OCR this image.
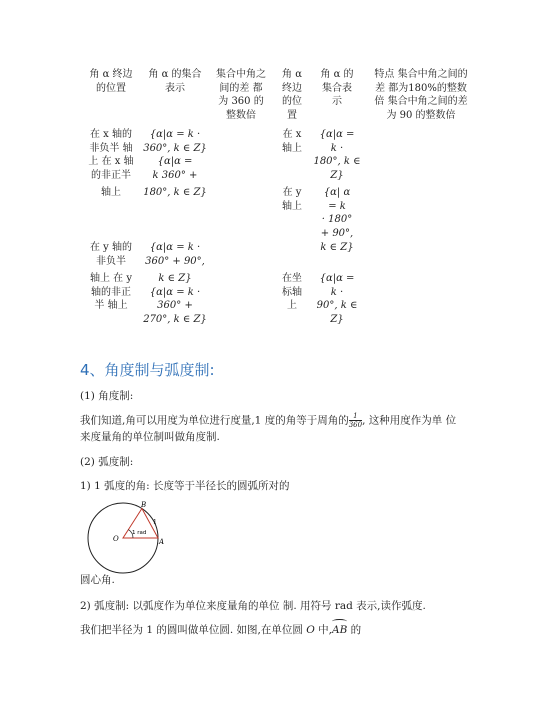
角 α 终边
的位置
角 α 的集合
表示
集合中角之
间的差 都
为 360 的
整数倍
角 α
终边
的位
置
角 α 的
集合表
示
特点 集合中角之间的
差 都为180%的整数
倍 集合中角之间的差
为 90 的整数倍
在 x 轴的
非负半 轴
上 在 x 轴
的非正半
轴上
{α|α = k ·
360°, k ∈ Z}
{α|α =
k 360° +
180°, k ∈ Z}
在 x
轴上
{α|α =
k ·
180°, k ∈
Z}
在 y
轴上
{α| α
= k
· 180°
+ 90°,
k ∈ Z}
在 y 轴的
非负半
轴上 在 y
轴的非正
半 轴上
{α|α = k ·
360° + 90°,
k ∈ Z}
{α|α = k ·
360° +
270°, k ∈ Z}
在坐
标轴
上
{α|α =
k ·
90°, k ∈
Z}
4、角度制与弧度制:
(1) 角度制:
我们知道,角可以用度为单位进行度量,1 度的角等于周角的 $\frac{1}{360}$ , 这种用度作为单 位
来度量角的单位制叫做角度制.
(2) 弧度制:
1) 1 弧度的角: 长度等于半径长的圆弧所对的
O	A
B
1
1 rad
圆心角.
2) 弧度制: 以弧度作为单位来度量角的单位 制. 用符号 rad 表示,读作弧度.
我们把半径为 1 的圆叫做单位圆. 如图,在单位圆 O 中,AB 的
